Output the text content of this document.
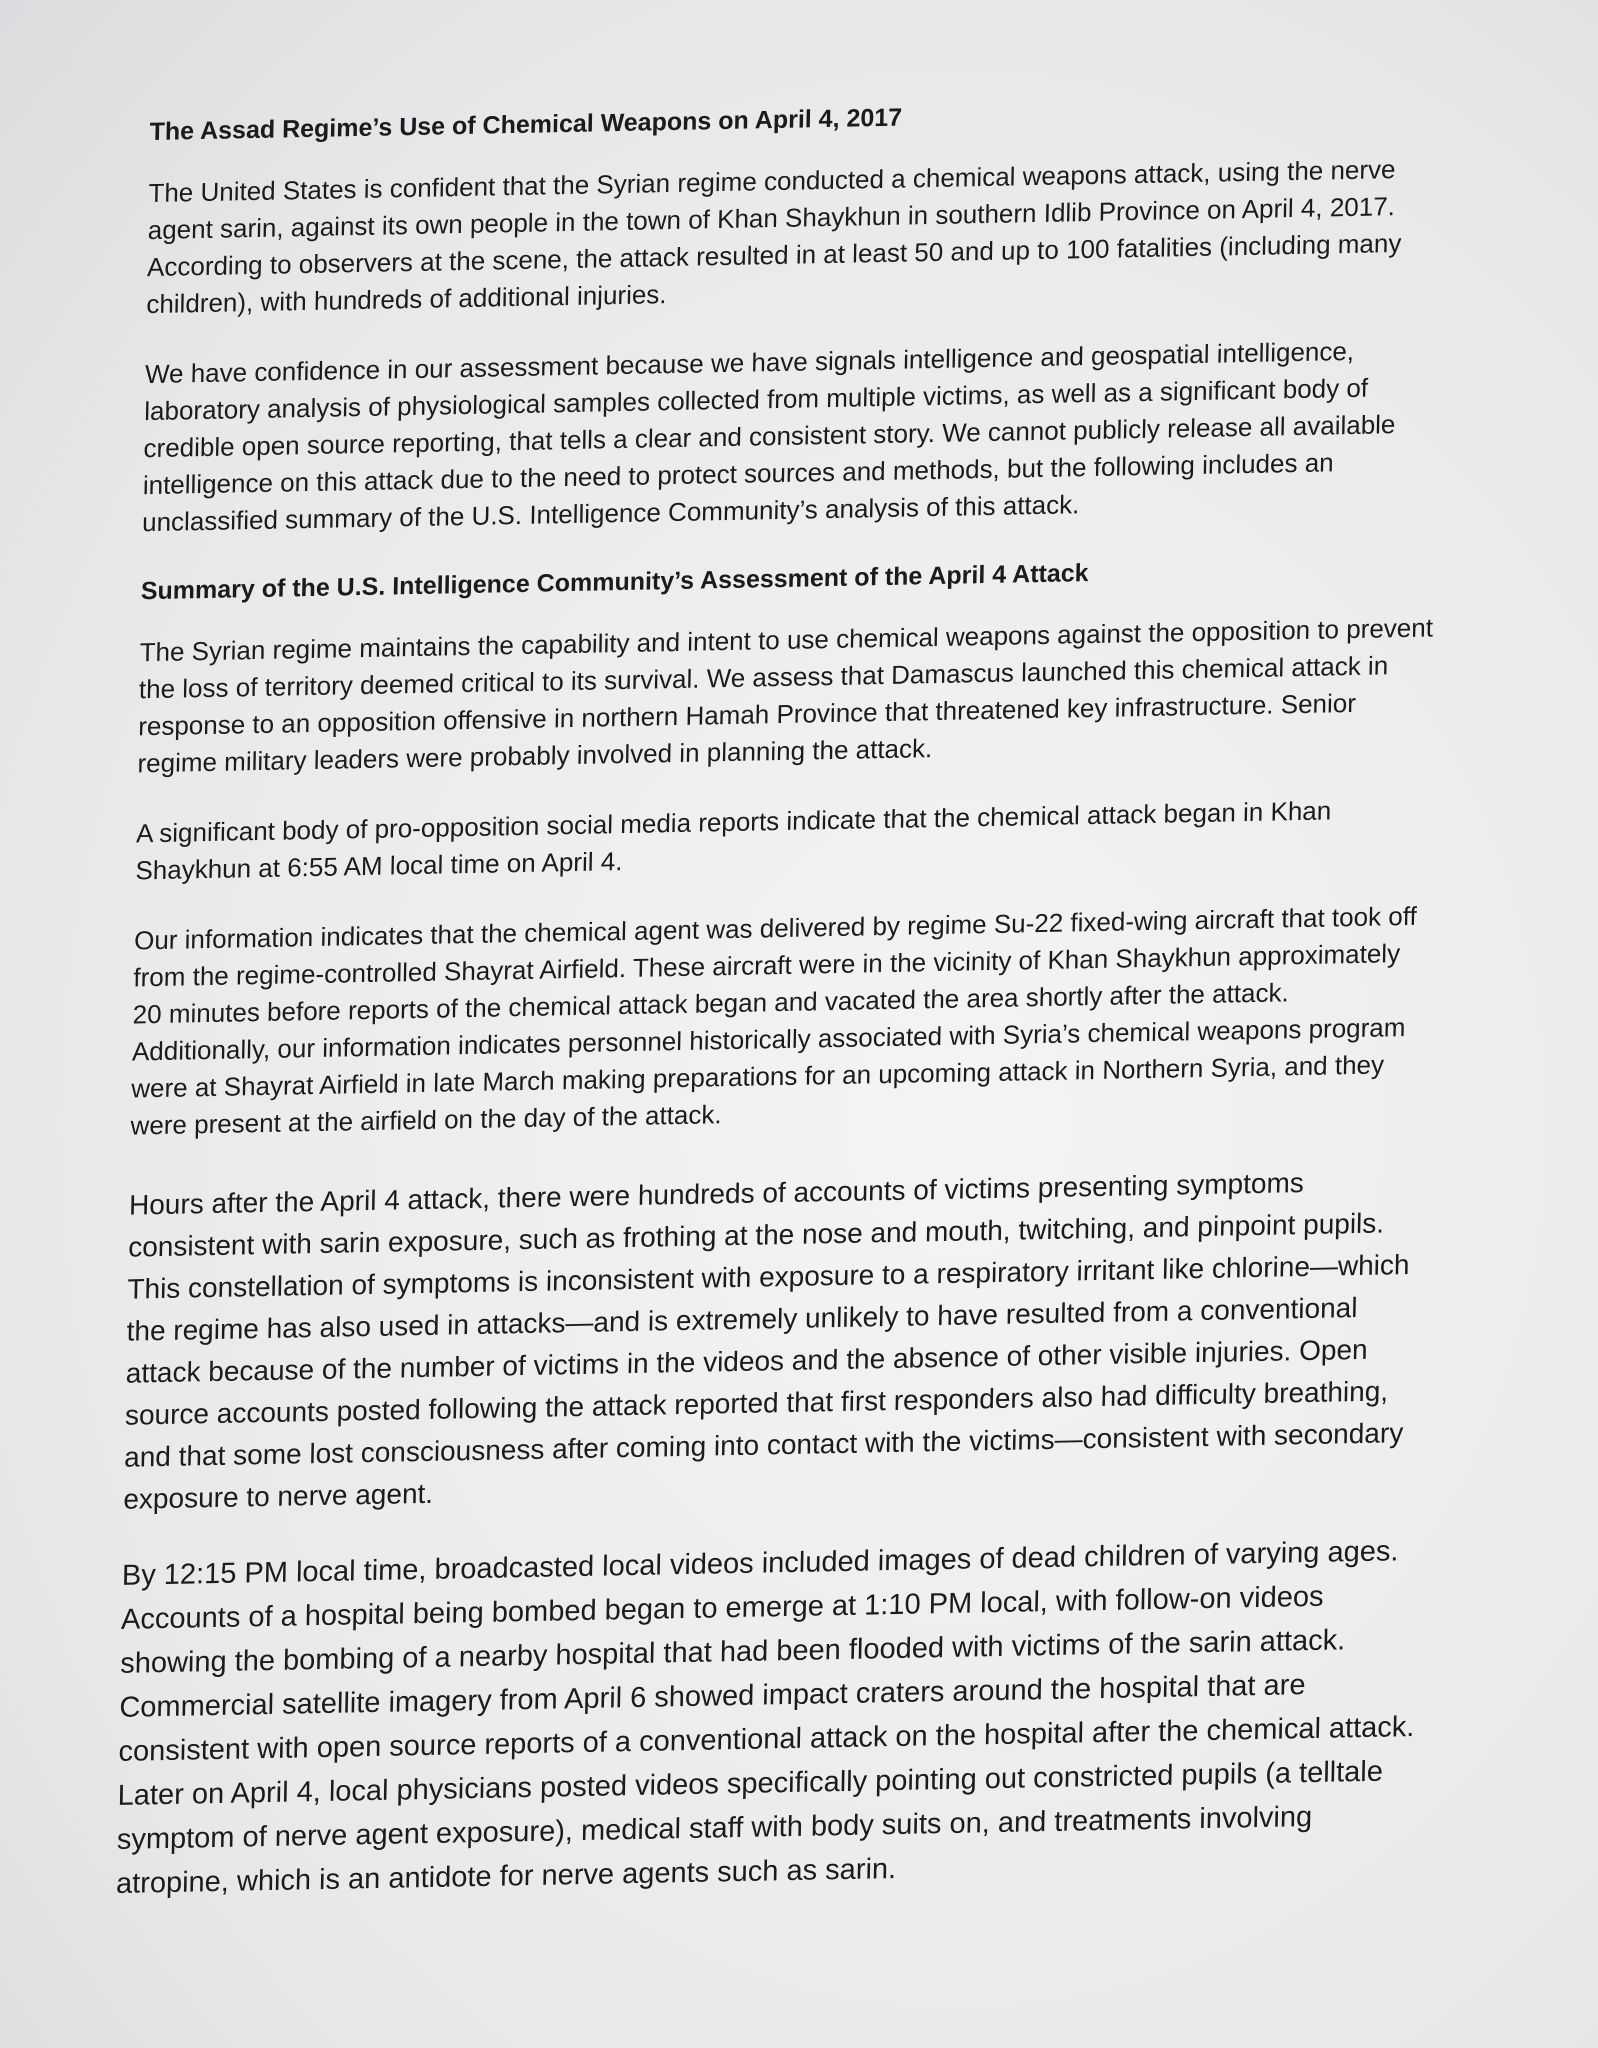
The Assad Regime’s Use of Chemical Weapons on April 4, 2017

The United States is confident that the Syrian regime conducted a chemical weapons attack, using the nerve agent sarin, against its own people in the town of Khan Shaykhun in southern Idlib Province on April 4, 2017. According to observers at the scene, the attack resulted in at least 50 and up to 100 fatalities (including many children), with hundreds of additional injuries.

We have confidence in our assessment because we have signals intelligence and geospatial intelligence, laboratory analysis of physiological samples collected from multiple victims, as well as a significant body of credible open source reporting, that tells a clear and consistent story. We cannot publicly release all available intelligence on this attack due to the need to protect sources and methods, but the following includes an unclassified summary of the U.S. Intelligence Community’s analysis of this attack.

Summary of the U.S. Intelligence Community’s Assessment of the April 4 Attack

The Syrian regime maintains the capability and intent to use chemical weapons against the opposition to prevent the loss of territory deemed critical to its survival. We assess that Damascus launched this chemical attack in response to an opposition offensive in northern Hamah Province that threatened key infrastructure. Senior regime military leaders were probably involved in planning the attack.

A significant body of pro-opposition social media reports indicate that the chemical attack began in Khan Shaykhun at 6:55 AM local time on April 4.

Our information indicates that the chemical agent was delivered by regime Su-22 fixed-wing aircraft that took off from the regime-controlled Shayrat Airfield. These aircraft were in the vicinity of Khan Shaykhun approximately 20 minutes before reports of the chemical attack began and vacated the area shortly after the attack. Additionally, our information indicates personnel historically associated with Syria’s chemical weapons program were at Shayrat Airfield in late March making preparations for an upcoming attack in Northern Syria, and they were present at the airfield on the day of the attack.

Hours after the April 4 attack, there were hundreds of accounts of victims presenting symptoms consistent with sarin exposure, such as frothing at the nose and mouth, twitching, and pinpoint pupils. This constellation of symptoms is inconsistent with exposure to a respiratory irritant like chlorine—which the regime has also used in attacks—and is extremely unlikely to have resulted from a conventional attack because of the number of victims in the videos and the absence of other visible injuries. Open source accounts posted following the attack reported that first responders also had difficulty breathing, and that some lost consciousness after coming into contact with the victims—consistent with secondary exposure to nerve agent.

By 12:15 PM local time, broadcasted local videos included images of dead children of varying ages. Accounts of a hospital being bombed began to emerge at 1:10 PM local, with follow-on videos showing the bombing of a nearby hospital that had been flooded with victims of the sarin attack. Commercial satellite imagery from April 6 showed impact craters around the hospital that are consistent with open source reports of a conventional attack on the hospital after the chemical attack. Later on April 4, local physicians posted videos specifically pointing out constricted pupils (a telltale symptom of nerve agent exposure), medical staff with body suits on, and treatments involving atropine, which is an antidote for nerve agents such as sarin.
